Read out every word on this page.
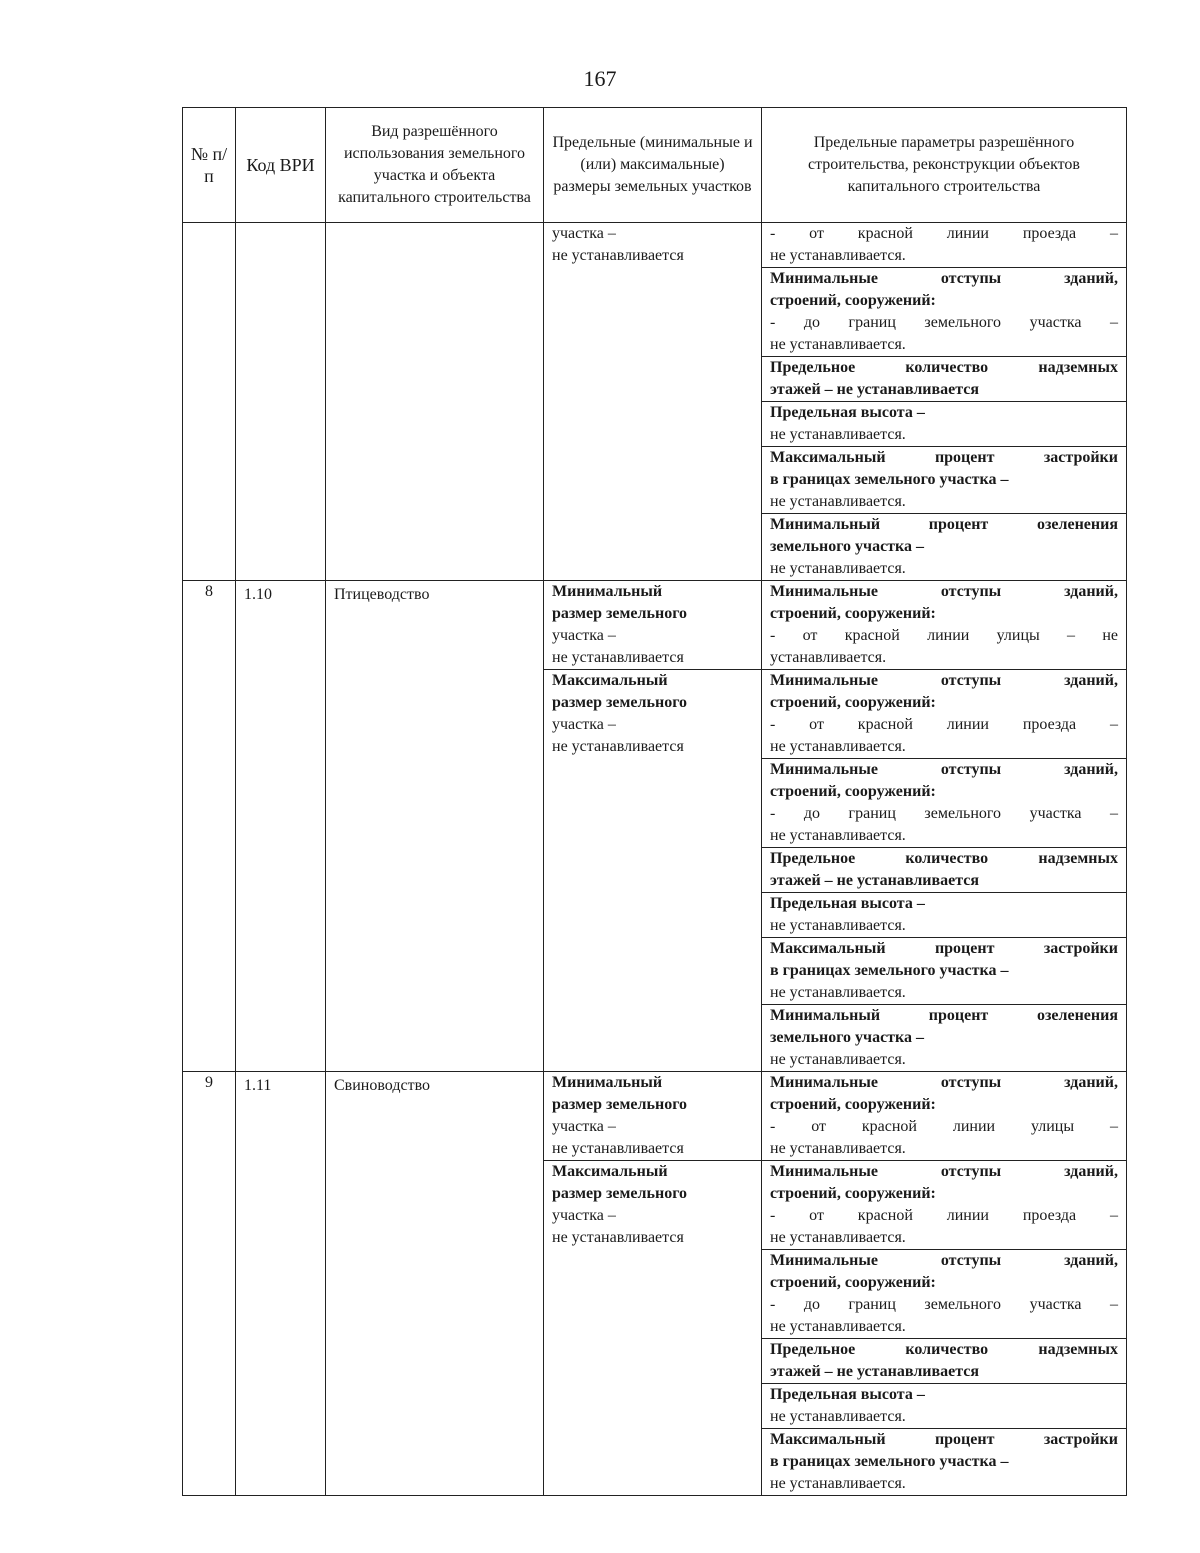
167
№ п/п	Код ВРИ	Вид разрешённого использования земельного участка и объекта капитального строительства	Предельные (минимальные и (или) максимальные) размеры земельных участков	Предельные параметры разрешённого строительства, реконструкции объектов капитального строительства

			участка –
не устанавливается	- от красной линии проезда –
не устанавливается.

				Минимальные отступы зданий,
строений, сооружений:
- до границ земельного участка –
не устанавливается.

				Предельное количество надземных
этажей – не устанавливается

				Предельная высота –
не устанавливается.

				Максимальный процент застройки
в границах земельного участка –
не устанавливается.

				Минимальный процент озеленения
земельного участка –
не устанавливается.

8	1.10	Птицеводство	Минимальный
размер земельного
участка –
не устанавливается	Минимальные отступы зданий,
строений, сооружений:
- от красной линии улицы – не
устанавливается.

			Максимальный
размер земельного
участка –
не устанавливается	Минимальные отступы зданий,
строений, сооружений:
- от красной линии проезда –
не устанавливается.

				Минимальные отступы зданий,
строений, сооружений:
- до границ земельного участка –
не устанавливается.

				Предельное количество надземных
этажей – не устанавливается

				Предельная высота –
не устанавливается.

				Максимальный процент застройки
в границах земельного участка –
не устанавливается.

				Минимальный процент озеленения
земельного участка –
не устанавливается.

9	1.11	Свиноводство	Минимальный
размер земельного
участка –
не устанавливается	Минимальные отступы зданий,
строений, сооружений:
- от красной линии улицы –
не устанавливается.

			Максимальный
размер земельного
участка –
не устанавливается	Минимальные отступы зданий,
строений, сооружений:
- от красной линии проезда –
не устанавливается.

				Минимальные отступы зданий,
строений, сооружений:
- до границ земельного участка –
не устанавливается.

				Предельное количество надземных
этажей – не устанавливается

				Предельная высота –
не устанавливается.

				Максимальный процент застройки
в границах земельного участка –
не устанавливается.
